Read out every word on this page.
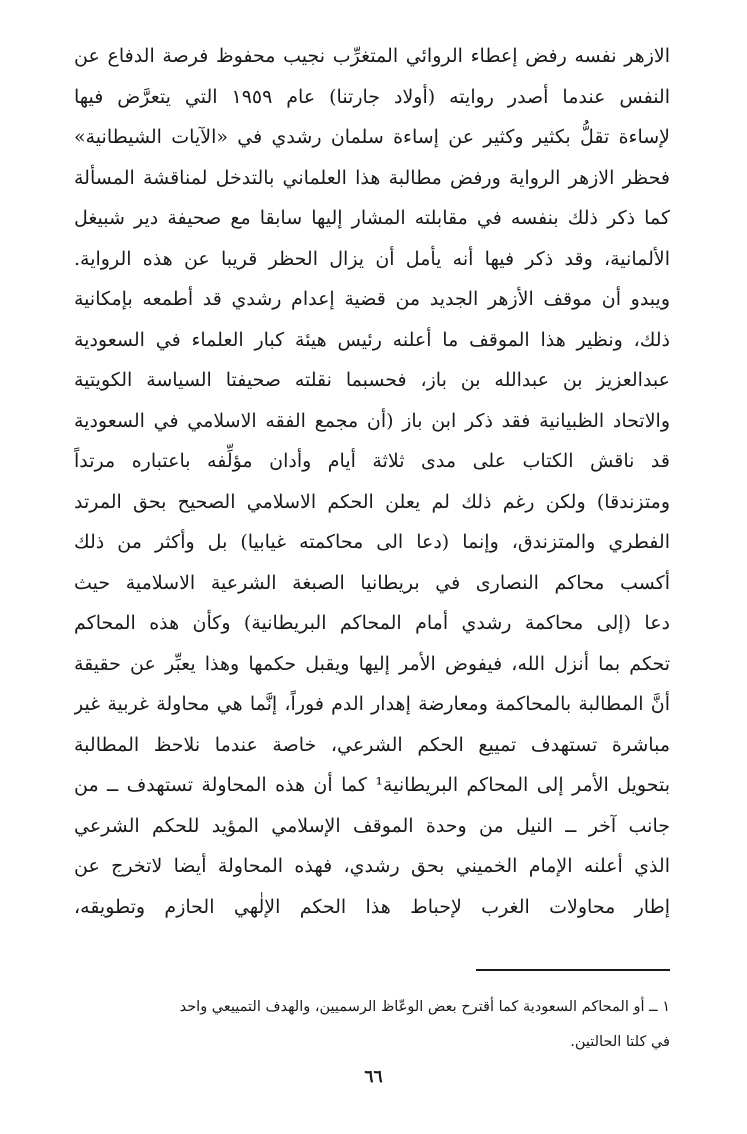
الازهر نفسه رفض إعطاء الروائي المتغرِّب نجيب محفوظ فرصة الدفاع عن
النفس عندما أصدر روايته (أولاد جارتنا) عام ١٩٥٩ التي يتعرَّض فيها
لإساءة تقلُّ بكثير وكثير عن إساءة سلمان رشدي في «الآيات الشيطانية»
فحظر الازهر الرواية ورفض مطالبة هذا العلماني بالتدخل لمناقشة المسألة
كما ذكر ذلك بنفسه في مقابلته المشار إليها سابقا مع صحيفة دير شبيغل
الألمانية، وقد ذكر فيها أنه يأمل أن يزال الحظر قريبا عن هذه الرواية.
ويبدو أن موقف الأزهر الجديد من قضية إعدام رشدي قد أطمعه بإمكانية
ذلك، ونظير هذا الموقف ما أعلنه رئيس هيئة كبار العلماء في السعودية
عبدالعزيز بن عبدالله بن باز، فحسبما نقلته صحيفتا السياسة الكويتية
والاتحاد الظبيانية فقد ذكر ابن باز (أن مجمع الفقه الاسلامي في السعودية
قد ناقش الكتاب على مدى ثلاثة أيام وأدان مؤلِّفه باعتباره مرتداً
ومتزندقا) ولكن رغم ذلك لم يعلن الحكم الاسلامي الصحيح بحق المرتد
الفطري والمتزندق، وإنما (دعا الى محاكمته غيابيا) بل وأكثر من ذلك
أكسب محاكم النصارى في بريطانيا الصبغة الشرعية الاسلامية حيث
دعا (إلى محاكمة رشدي أمام المحاكم البريطانية) وكأن هذه المحاكم
تحكم بما أنزل الله، فيفوض الأمر إليها ويقبل حكمها وهذا يعبِّر عن حقيقة
أنَّ المطالبة بالمحاكمة ومعارضة إهدار الدم فوراً، إنَّما هي محاولة غربية غير
مباشرة تستهدف تمييع الحكم الشرعي، خاصة عندما نلاحظ المطالبة
بتحويل الأمر إلى المحاكم البريطانية¹ كما أن هذه المحاولة تستهدف ــ من
جانب آخر ــ النيل من وحدة الموقف الإسلامي المؤيد للحكم الشرعي
الذي أعلنه الإمام الخميني بحق رشدي، فهذه المحاولة أيضا لاتخرج عن
إطار محاولات الغرب لإحباط هذا الحكم الإلٰهي الحازم وتطويقه،
١ ــ أو المحاكم السعودية كما أقترح بعض الوعّاظ الرسميين، والهدف التمييعي واحد
في كلتا الحالتين.
٦٦
